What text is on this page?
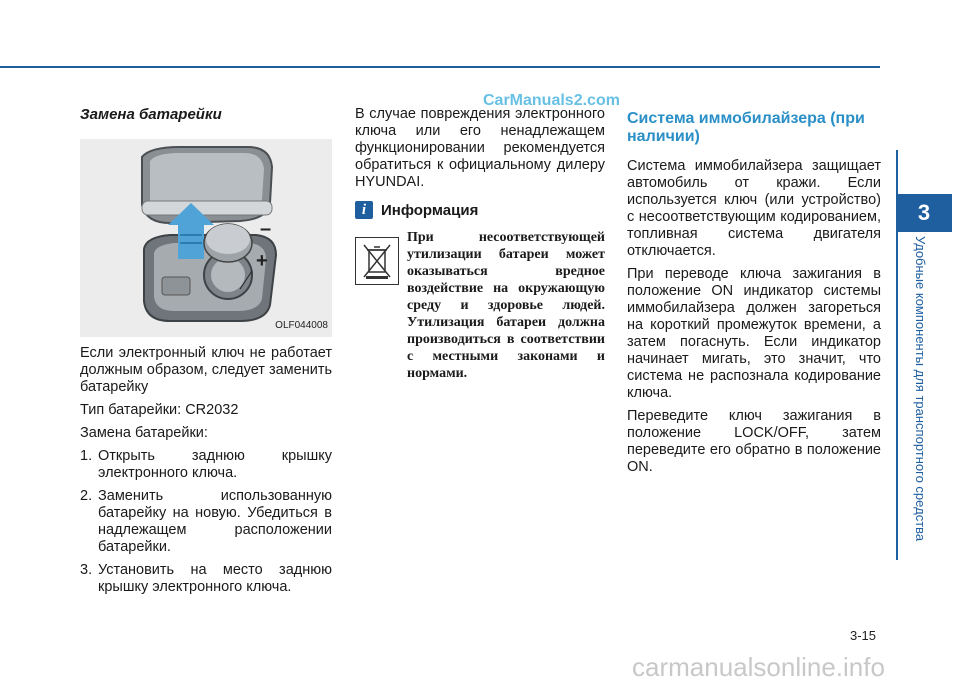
3
Удобные компоненты для транспортного средства
CarManuals2.com
carmanualsonline.info
3-15
Замена батарейки
–
+
OLF044008

Если электронный ключ не работает должным образом, следует заменить батарейку

Тип батарейки: CR2032

Замена батарейки:

1. Открыть заднюю крышку электронного ключа.
2. Заменить использованную батарейку на новую. Убедиться в надлежащем расположении батарейки.
3. Установить на место заднюю крышку электронного ключа.

В случае повреждения электронного ключа или его ненадлежащем функционировании рекомендуется обратиться к официальному дилеру HYUNDAI.

i Информация
При несоответствующей утилизации батареи может оказываться вредное воздействие на окружающую среду и здоровье людей. Утилизация батареи должна производиться в соответствии с местными законами и нормами.
Система иммобилайзера (при наличии)

Система иммобилайзера защищает автомобиль от кражи. Если используется ключ (или устройство) с несоответствующим кодированием, топливная система двигателя отключается.

При переводе ключа зажигания в положение ON индикатор системы иммобилайзера должен загореться на короткий промежуток времени, а затем погаснуть. Если индикатор начинает мигать, это значит, что система не распознала кодирование ключа.

Переведите ключ зажигания в положение LOCK/OFF, затем переведите его обратно в положение ON.
